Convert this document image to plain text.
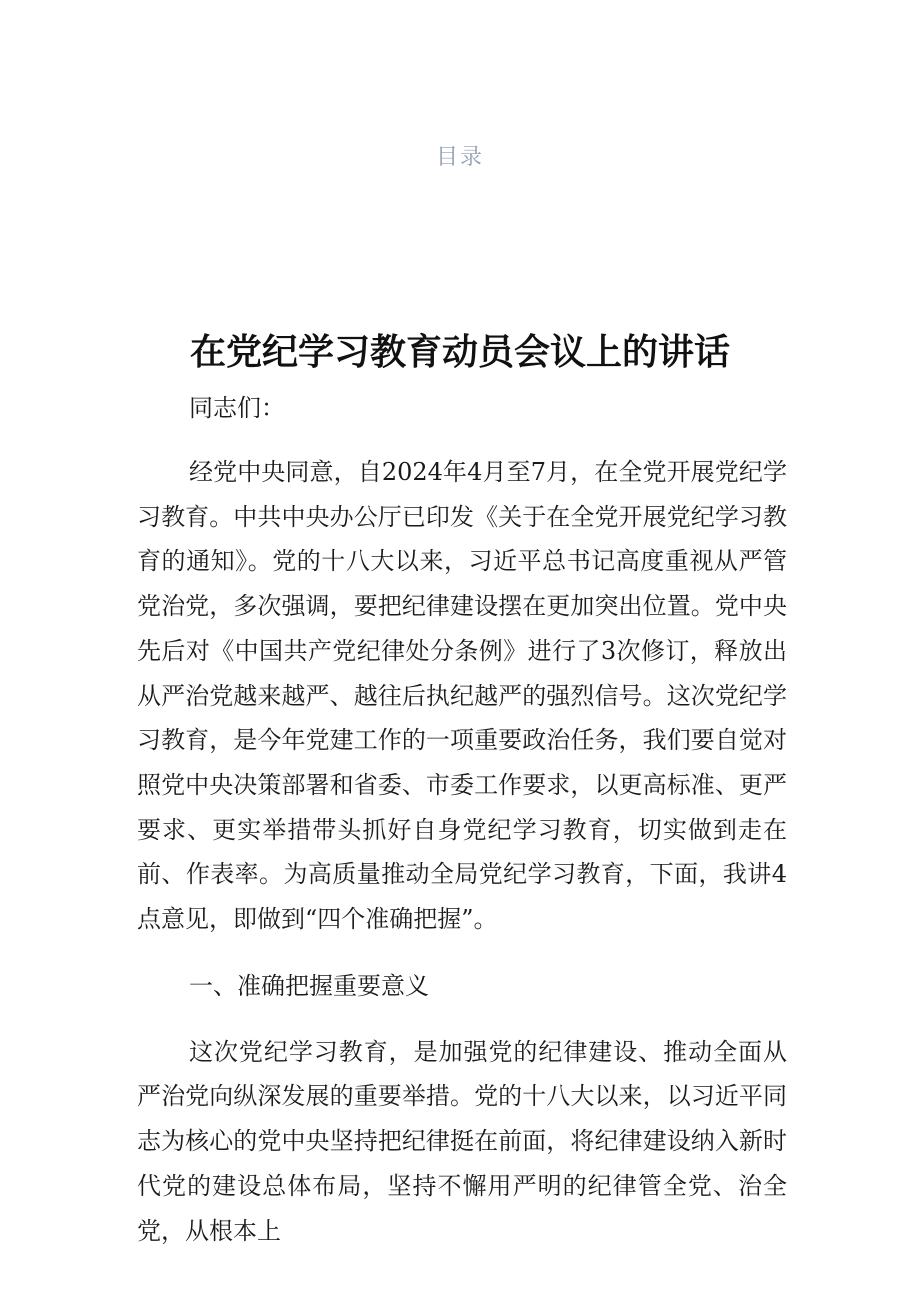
目录
在党纪学习教育动员会议上的讲话

同志们：

经党中央同意，自2024年4月至7月，在全党开展党纪学习教育。中共中央办公厅已印发《关于在全党开展党纪学习教育的通知》。党的十八大以来，习近平总书记高度重视从严管党治党，多次强调，要把纪律建设摆在更加突出位置。党中央先后对《中国共产党纪律处分条例》进行了3次修订，释放出从严治党越来越严、越往后执纪越严的强烈信号。这次党纪学习教育，是今年党建工作的一项重要政治任务，我们要自觉对照党中央决策部署和省委、市委工作要求，以更高标准、更严要求、更实举措带头抓好自身党纪学习教育，切实做到走在前、作表率。为高质量推动全局党纪学习教育，下面，我讲4点意见，即做到“四个准确把握”。

一、准确把握重要意义

这次党纪学习教育，是加强党的纪律建设、推动全面从严治党向纵深发展的重要举措。党的十八大以来，以习近平同志为核心的党中央坚持把纪律挺在前面，将纪律建设纳入新时代党的建设总体布局，坚持不懈用严明的纪律管全党、治全党，从根本上
